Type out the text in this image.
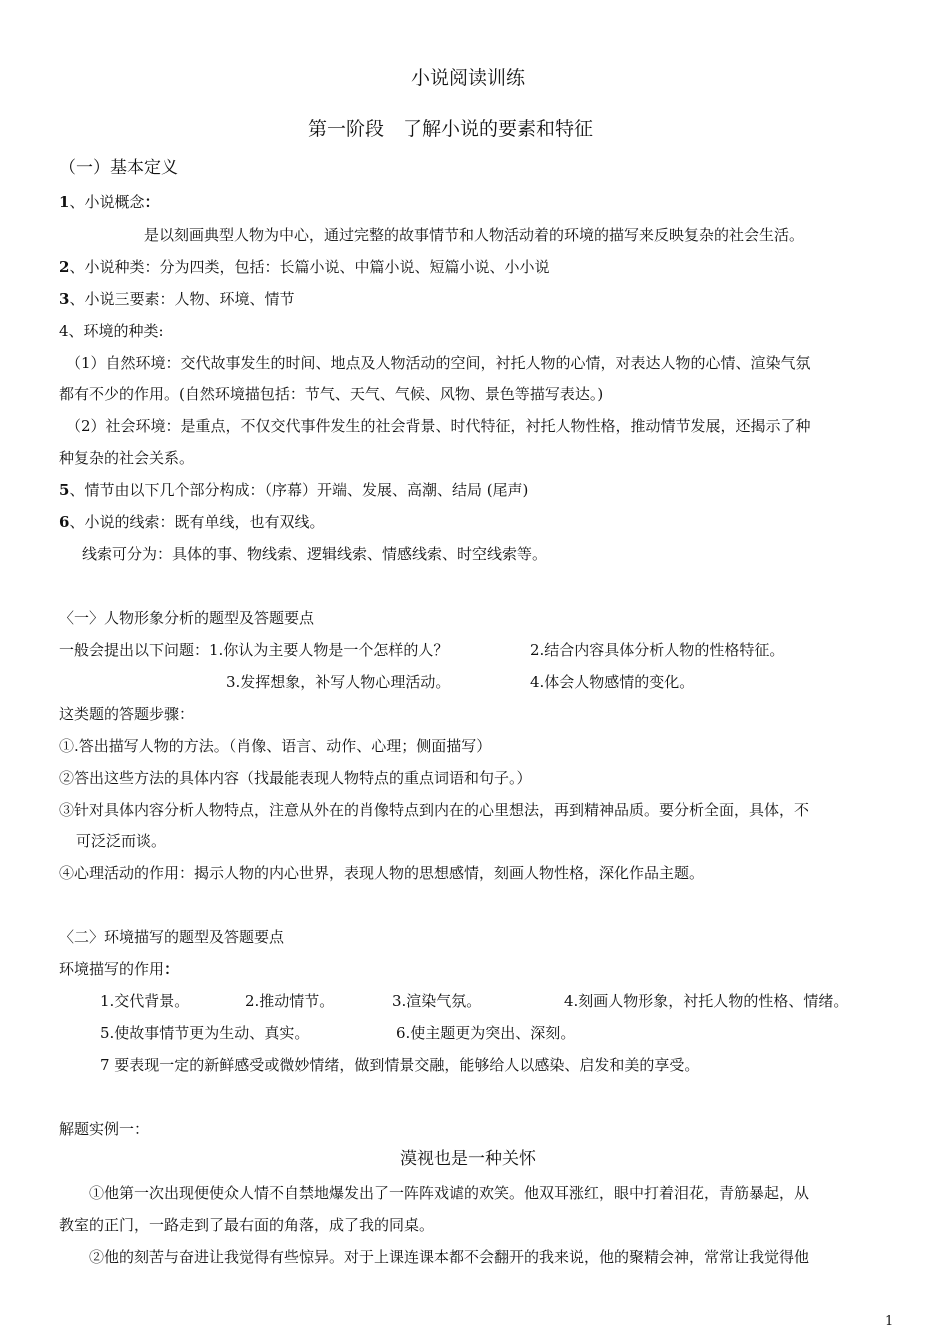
小说阅读训练
第一阶段　了解小说的要素和特征
（一）基本定义
1、小说概念：
是以刻画典型人物为中心，通过完整的故事情节和人物活动着的环境的描写来反映复杂的社会生活。
2、小说种类：分为四类，包括：长篇小说、中篇小说、短篇小说、小小说
3、小说三要素：人物、环境、情节
4、环境的种类:
（1）自然环境：交代故事发生的时间、地点及人物活动的空间，衬托人物的心情，对表达人物的心情、渲染气氛
都有不少的作用。(自然环境描包括：节气、天气、气候、风物、景色等描写表达。)
（2）社会环境：是重点，不仅交代事件发生的社会背景、时代特征，衬托人物性格，推动情节发展，还揭示了种
种复杂的社会关系。
5、情节由以下几个部分构成：（序幕）开端、发展、高潮、结局 (尾声)
6、小说的线索：既有单线，也有双线。
线索可分为：具体的事、物线索、逻辑线索、情感线索、时空线索等。
〈一〉人物形象分析的题型及答题要点
一般会提出以下问题：1.你认为主要人物是一个怎样的人？	2.结合内容具体分析人物的性格特征。
3.发挥想象，补写人物心理活动。	4.体会人物感情的变化。
这类题的答题步骤：
①.答出描写人物的方法。（肖像、语言、动作、心理；侧面描写）
②答出这些方法的具体内容（找最能表现人物特点的重点词语和句子。）
③针对具体内容分析人物特点，注意从外在的肖像特点到内在的心里想法，再到精神品质。要分析全面，具体，不
可泛泛而谈。
④心理活动的作用：揭示人物的内心世界，表现人物的思想感情，刻画人物性格，深化作品主题。
〈二〉环境描写的题型及答题要点
环境描写的作用：
1.交代背景。	2.推动情节。	3.渲染气氛。	4.刻画人物形象，衬托人物的性格、情绪。
5.使故事情节更为生动、真实。	6.使主题更为突出、深刻。
7 要表现一定的新鲜感受或微妙情绪，做到情景交融，能够给人以感染、启发和美的享受。
解题实例一：
漠视也是一种关怀
①他第一次出现便使众人情不自禁地爆发出了一阵阵戏谑的欢笑。他双耳涨红，眼中打着泪花，青筋暴起，从
教室的正门，一路走到了最右面的角落，成了我的同桌。
②他的刻苦与奋进让我觉得有些惊异。对于上课连课本都不会翻开的我来说，他的聚精会神，常常让我觉得他
1
